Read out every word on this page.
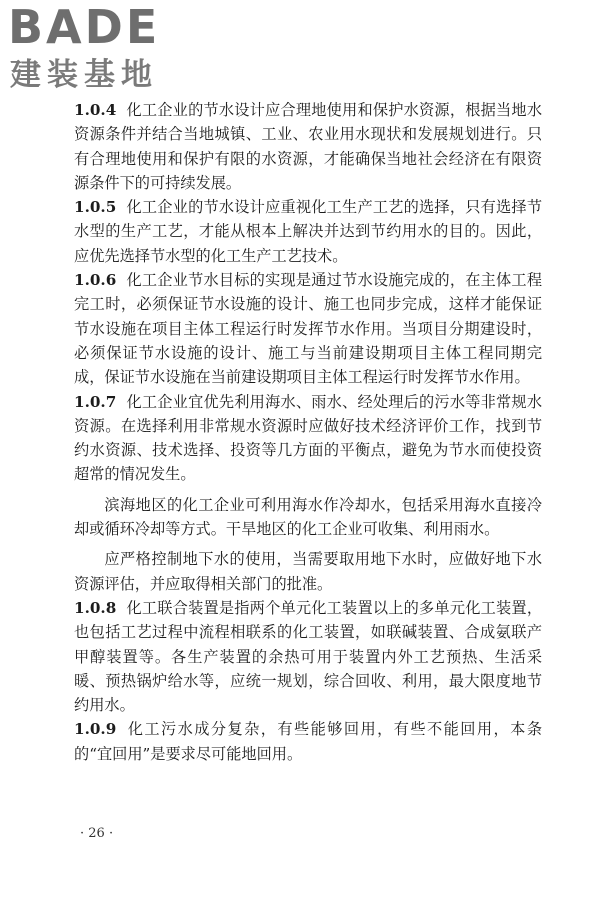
BADE
建装基地

1.0.4 化工企业的节水设计应合理地使用和保护水资源，根据当地水资源条件并结合当地城镇、工业、农业用水现状和发展规划进行。只有合理地使用和保护有限的水资源，才能确保当地社会经济在有限资源条件下的可持续发展。

1.0.5 化工企业的节水设计应重视化工生产工艺的选择，只有选择节水型的生产工艺，才能从根本上解决并达到节约用水的目的。因此，应优先选择节水型的化工生产工艺技术。

1.0.6 化工企业节水目标的实现是通过节水设施完成的，在主体工程完工时，必须保证节水设施的设计、施工也同步完成，这样才能保证节水设施在项目主体工程运行时发挥节水作用。当项目分期建设时，必须保证节水设施的设计、施工与当前建设期项目主体工程同期完成，保证节水设施在当前建设期项目主体工程运行时发挥节水作用。

1.0.7 化工企业宜优先利用海水、雨水、经处理后的污水等非常规水资源。在选择利用非常规水资源时应做好技术经济评价工作，找到节约水资源、技术选择、投资等几方面的平衡点，避免为节水而使投资超常的情况发生。

滨海地区的化工企业可利用海水作冷却水，包括采用海水直接冷却或循环冷却等方式。干旱地区的化工企业可收集、利用雨水。

应严格控制地下水的使用，当需要取用地下水时，应做好地下水资源评估，并应取得相关部门的批准。

1.0.8 化工联合装置是指两个单元化工装置以上的多单元化工装置，也包括工艺过程中流程相联系的化工装置，如联碱装置、合成氨联产甲醇装置等。各生产装置的余热可用于装置内外工艺预热、生活采暖、预热锅炉给水等，应统一规划，综合回收、利用，最大限度地节约用水。

1.0.9 化工污水成分复杂，有些能够回用，有些不能回用，本条的“宜回用”是要求尽可能地回用。

· 26 ·
